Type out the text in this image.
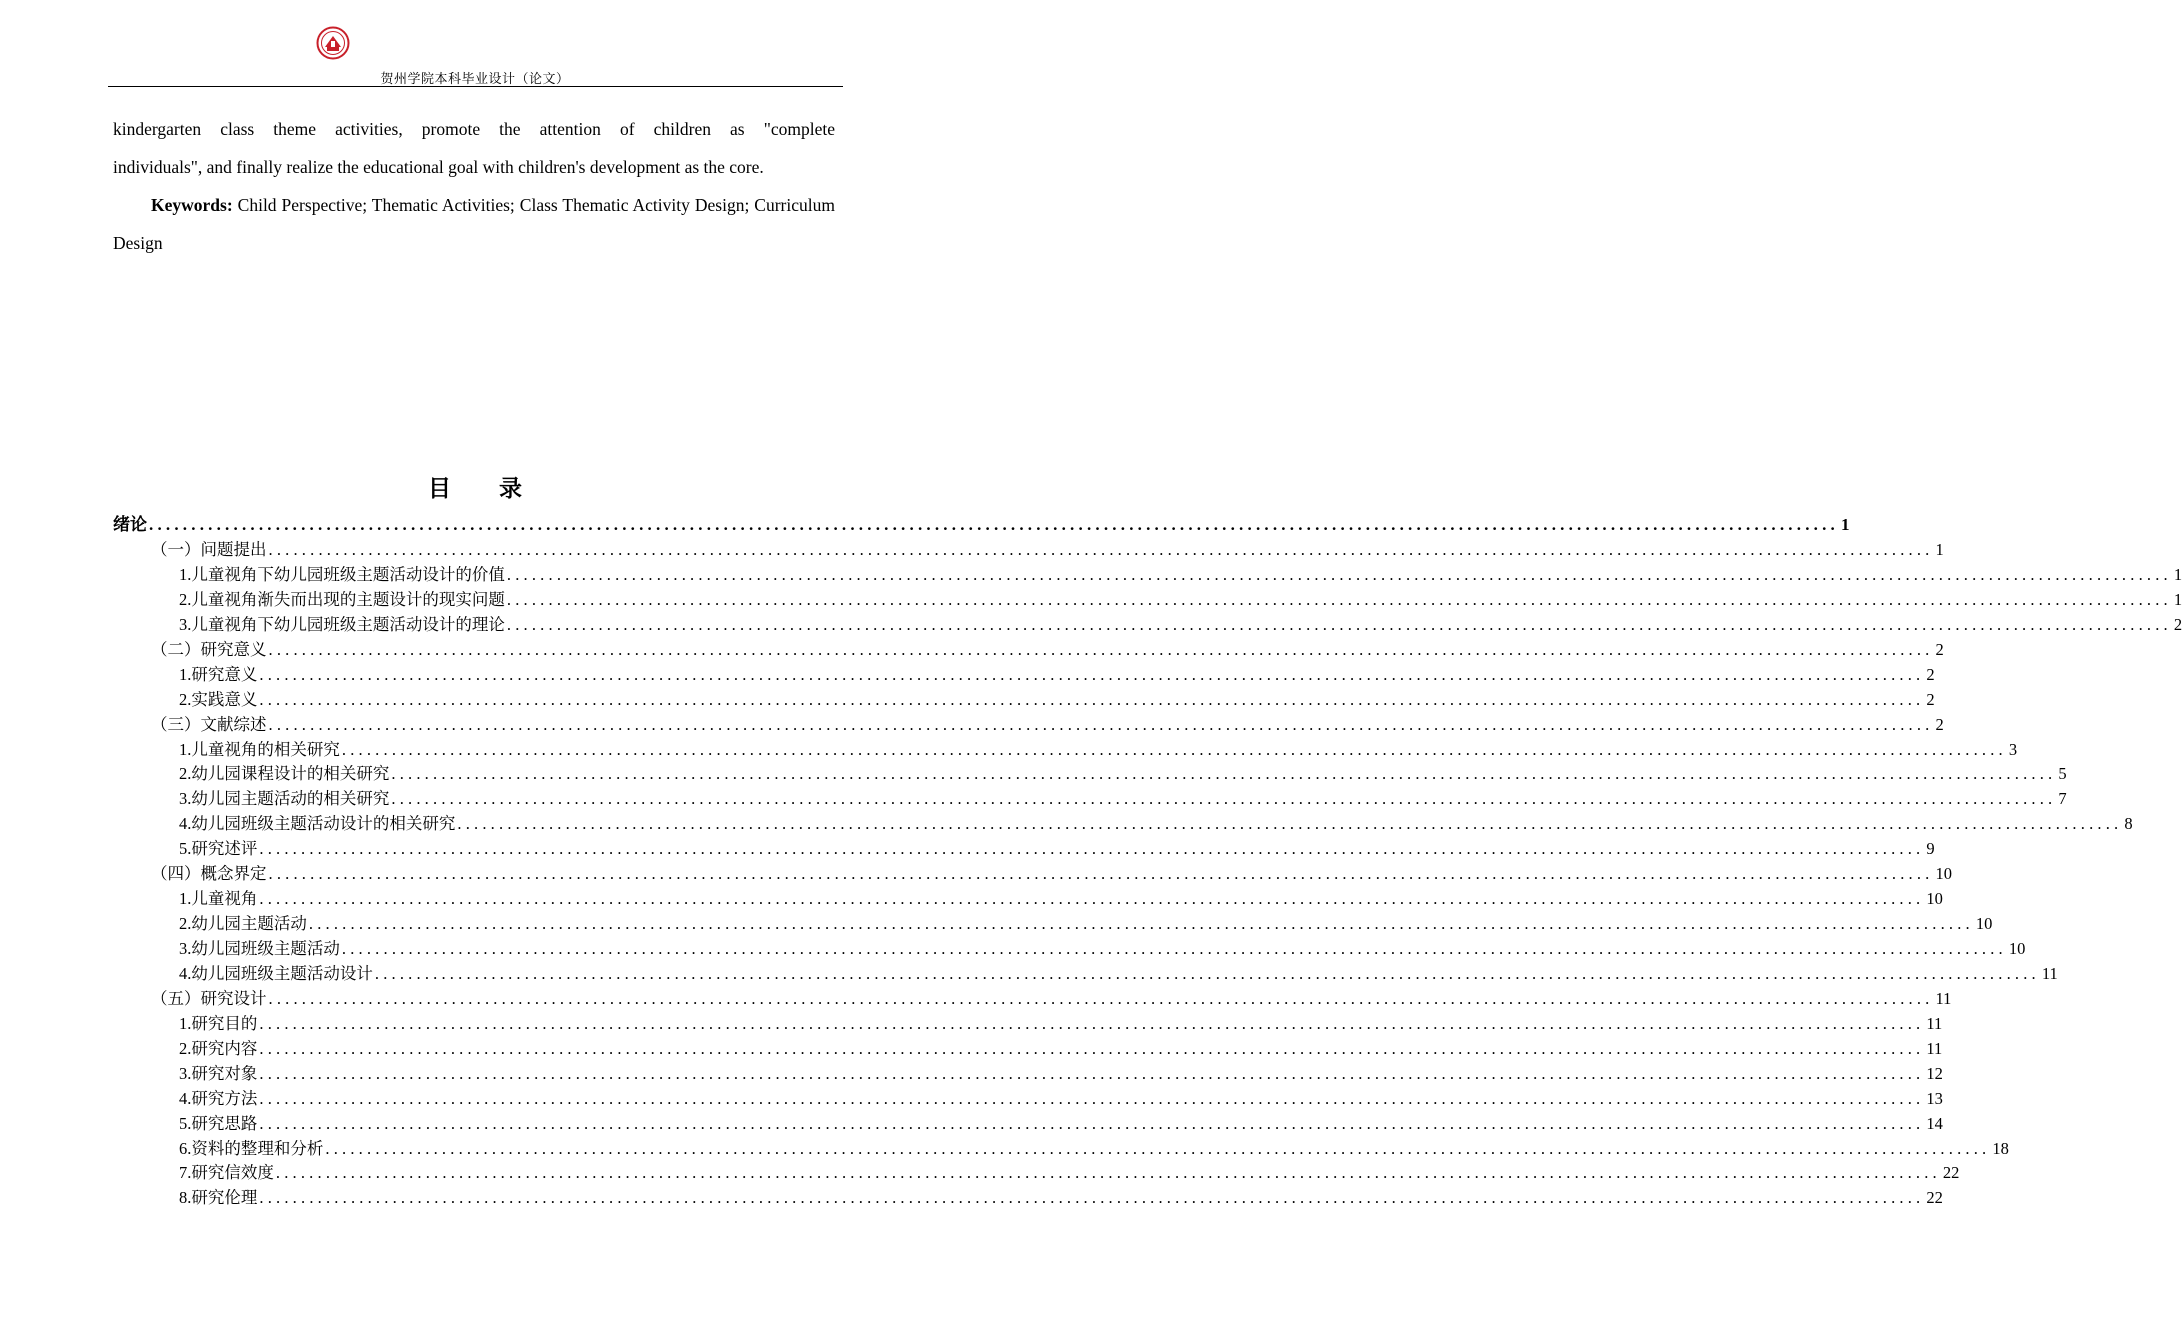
贺州学院本科毕业设计（论文）

kindergarten class theme activities, promote the attention of children as "complete

individuals", and finally realize the educational goal with children's development as the core.

Keywords: Child Perspective; Thematic Activities; Class Thematic Activity Design; Curriculum Design

目 录
绪论 ........................................................................................................................................................................................................ 1
（一）问题提出 ........................................................................................................................................................................................................ 1
1.儿童视角下幼儿园班级主题活动设计的价值 ........................................................................................................................................................................................................ 1
2.儿童视角渐失而出现的主题设计的现实问题 ........................................................................................................................................................................................................ 1
3.儿童视角下幼儿园班级主题活动设计的理论 ........................................................................................................................................................................................................ 2
（二）研究意义 ........................................................................................................................................................................................................ 2
1.研究意义 ........................................................................................................................................................................................................ 2
2.实践意义 ........................................................................................................................................................................................................ 2
（三）文献综述 ........................................................................................................................................................................................................ 2
1.儿童视角的相关研究 ........................................................................................................................................................................................................ 3
2.幼儿园课程设计的相关研究 ........................................................................................................................................................................................................ 5
3.幼儿园主题活动的相关研究 ........................................................................................................................................................................................................ 7
4.幼儿园班级主题活动设计的相关研究 ........................................................................................................................................................................................................ 8
5.研究述评 ........................................................................................................................................................................................................ 9
（四）概念界定 ........................................................................................................................................................................................................ 10
1.儿童视角 ........................................................................................................................................................................................................ 10
2.幼儿园主题活动 ........................................................................................................................................................................................................ 10
3.幼儿园班级主题活动 ........................................................................................................................................................................................................ 10
4.幼儿园班级主题活动设计 ........................................................................................................................................................................................................ 11
（五）研究设计 ........................................................................................................................................................................................................ 11
1.研究目的 ........................................................................................................................................................................................................ 11
2.研究内容 ........................................................................................................................................................................................................ 11
3.研究对象 ........................................................................................................................................................................................................ 12
4.研究方法 ........................................................................................................................................................................................................ 13
5.研究思路 ........................................................................................................................................................................................................ 14
6.资料的整理和分析 ........................................................................................................................................................................................................ 18
7.研究信效度 ........................................................................................................................................................................................................ 22
8.研究伦理 ........................................................................................................................................................................................................ 22
